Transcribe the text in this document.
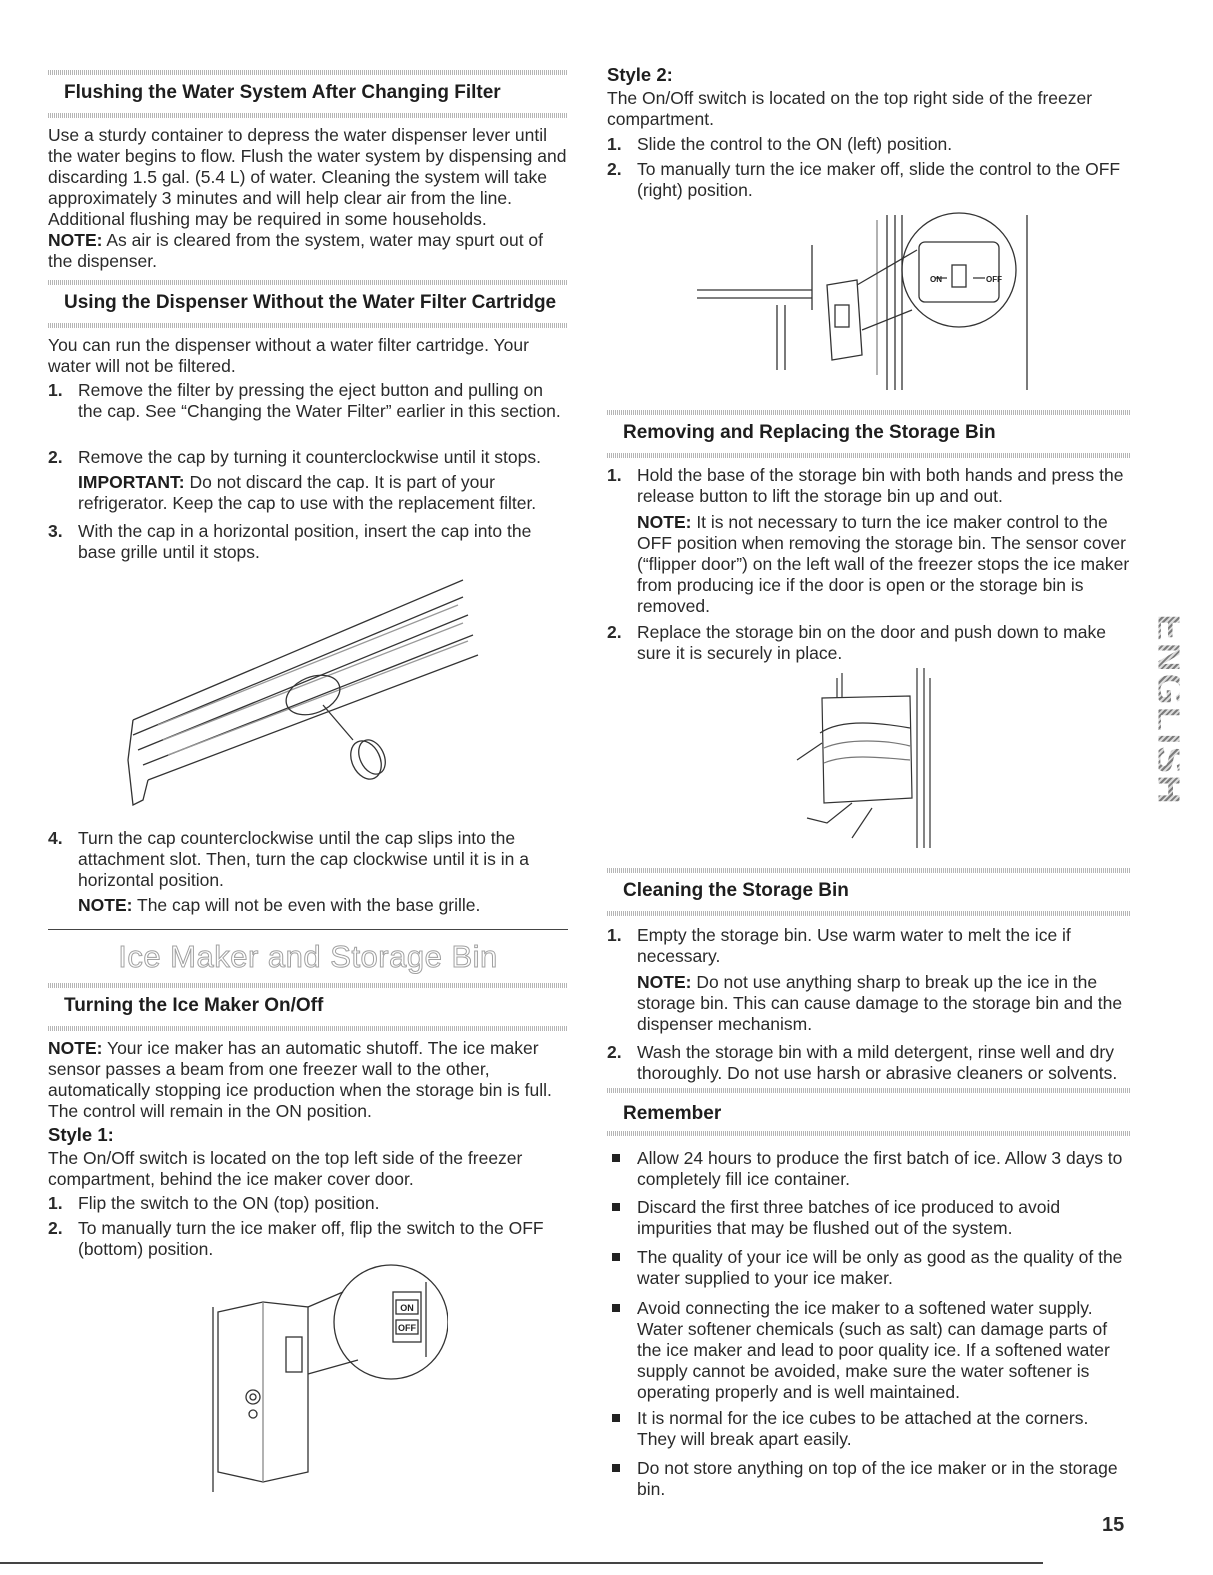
Flushing the Water System After Changing Filter

Use a sturdy container to depress the water dispenser lever until the water begins to flow. Flush the water system by dispensing and discarding 1.5 gal. (5.4 L) of water. Cleaning the system will take approximately 3 minutes and will help clear air from the line. Additional flushing may be required in some households.

NOTE: As air is cleared from the system, water may spurt out of the dispenser.

Using the Dispenser Without the Water Filter Cartridge

You can run the dispenser without a water filter cartridge. Your water will not be filtered.

1. Remove the filter by pressing the eject button and pulling on the cap. See “Changing the Water Filter” earlier in this section.

2. Remove the cap by turning it counterclockwise until it stops.

IMPORTANT: Do not discard the cap. It is part of your refrigerator. Keep the cap to use with the replacement filter.

3. With the cap in a horizontal position, insert the cap into the base grille until it stops.

4. Turn the cap counterclockwise until the cap slips into the attachment slot. Then, turn the cap clockwise until it is in a horizontal position.

NOTE: The cap will not be even with the base grille.

Ice Maker and Storage Bin
Turning the Ice Maker On/Off

NOTE: Your ice maker has an automatic shutoff. The ice maker sensor passes a beam from one freezer wall to the other, automatically stopping ice production when the storage bin is full. The control will remain in the ON position.

Style 1:

The On/Off switch is located on the top left side of the freezer compartment, behind the ice maker cover door.

1. Flip the switch to the ON (top) position.

2. To manually turn the ice maker off, flip the switch to the OFF (bottom) position.

ON
OFF

Style 2:

The On/Off switch is located on the top right side of the freezer compartment.

1. Slide the control to the ON (left) position.

2. To manually turn the ice maker off, slide the control to the OFF (right) position.

ON	OFF
Removing and Replacing the Storage Bin
1. Hold the base of the storage bin with both hands and press the release button to lift the storage bin up and out.

NOTE: It is not necessary to turn the ice maker control to the OFF position when removing the storage bin. The sensor cover (“flipper door”) on the left wall of the freezer stops the ice maker from producing ice if the door is open or the storage bin is removed.

2. Replace the storage bin on the door and push down to make sure it is securely in place.

Cleaning the Storage Bin
1. Empty the storage bin. Use warm water to melt the ice if necessary.

NOTE: Do not use anything sharp to break up the ice in the storage bin. This can cause damage to the storage bin and the dispenser mechanism.

2. Wash the storage bin with a mild detergent, rinse well and dry thoroughly. Do not use harsh or abrasive cleaners or solvents.

Remember

Allow 24 hours to produce the first batch of ice. Allow 3 days to completely fill ice container.

Discard the first three batches of ice produced to avoid impurities that may be flushed out of the system.

The quality of your ice will be only as good as the quality of the water supplied to your ice maker.

Avoid connecting the ice maker to a softened water supply. Water softener chemicals (such as salt) can damage parts of the ice maker and lead to poor quality ice. If a softened water supply cannot be avoided, make sure the water softener is operating properly and is well maintained.

It is normal for the ice cubes to be attached at the corners. They will break apart easily.

Do not store anything on top of the ice maker or in the storage bin.

ENGLISH
15
